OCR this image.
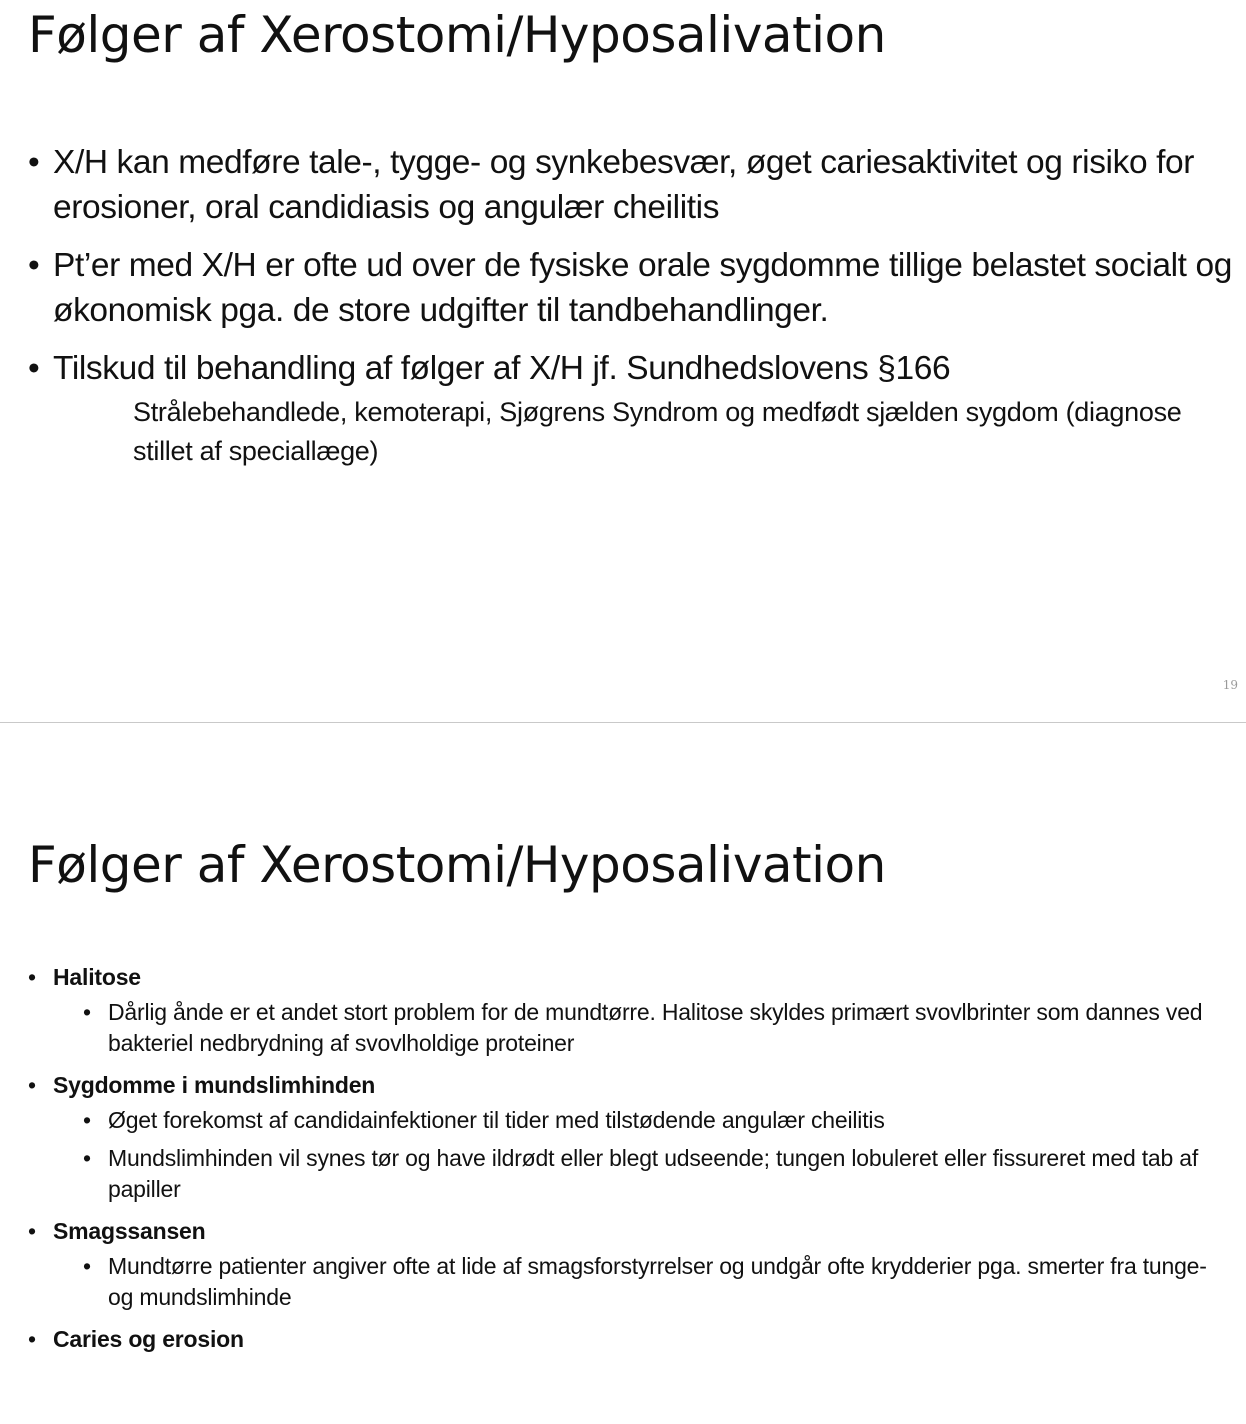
Følger af Xerostomi/Hyposalivation
• X/H kan medføre tale-, tygge- og synkebesvær, øget cariesaktivitet og risiko for erosioner, oral candidiasis og angulær cheilitis
• Pt’er med X/H er ofte ud over de fysiske orale sygdomme tillige belastet socialt og økonomisk pga. de store udgifter til tandbehandlinger.
• Tilskud til behandling af følger af X/H jf. Sundhedslovens §166
Strålebehandlede, kemoterapi, Sjøgrens Syndrom og medfødt sjælden sygdom (diagnose stillet af speciallæge)
19
Følger af Xerostomi/Hyposalivation
• Halitose
• Dårlig ånde er et andet stort problem for de mundtørre. Halitose skyldes primært svovlbrinter som dannes ved bakteriel nedbrydning af svovlholdige proteiner
• Sygdomme i mundslimhinden
• Øget forekomst af candidainfektioner til tider med tilstødende angulær cheilitis
• Mundslimhinden vil synes tør og have ildrødt eller blegt udseende; tungen lobuleret eller fissureret med tab af papiller
• Smagssansen
• Mundtørre patienter angiver ofte at lide af smagsforstyrrelser og undgår ofte krydderier pga. smerter fra tunge- og mundslimhinde
• Caries og erosion
